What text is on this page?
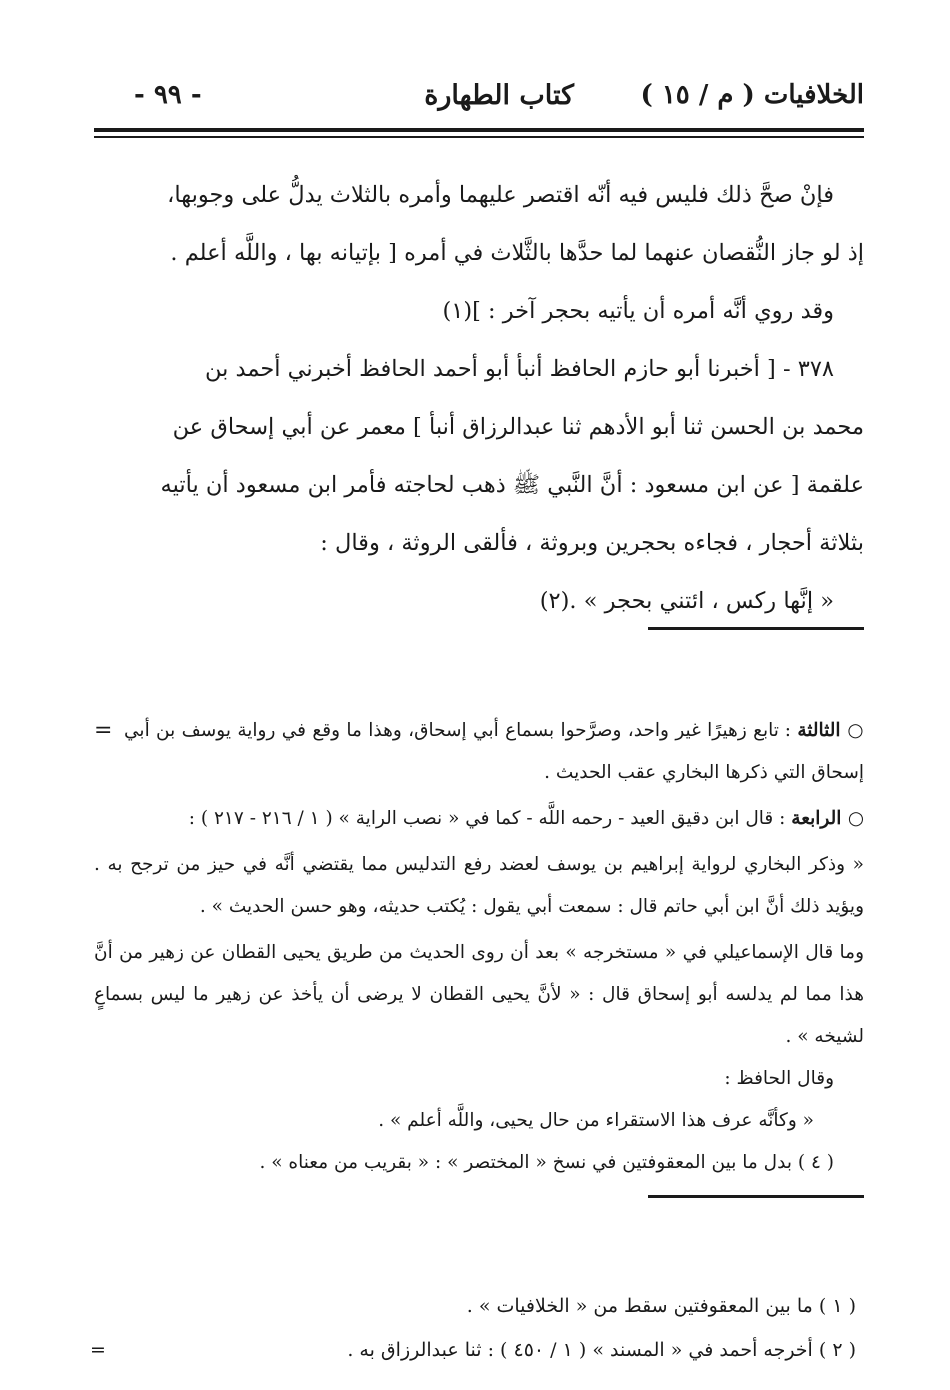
الخلافيات ( م / ١٥ )
كتاب الطهارة
- ٩٩ -

فإنْ صحَّ ذلك فليس فيه أنّه اقتصر عليهما وأمره بالثلاث يدلُّ على وجوبها،

إذ لو جاز النُّقصان عنهما لما حدَّها بالثَّلاث في أمره [ بإتيانه بها ، واللَّه أعلم .

وقد روي أنَّه أمره أن يأتيه بحجر آخر : ](١)

٣٧٨ - [ أخبرنا أبو حازم الحافظ أنبأ أبو أحمد الحافظ أخبرني أحمد بن

محمد بن الحسن ثنا أبو الأدهم ثنا عبدالرزاق أنبأ ] معمر عن أبي إسحاق عن

علقمة [ عن ابن مسعود : أنَّ النَّبي ﷺ ذهب لحاجته فأمر ابن مسعود أن يأتيه

بثلاثة أحجار ، فجاءه بحجرين وبروثة ، فألقى الروثة ، وقال :

« إنَّها ركس ، ائتني بحجر » .(٢)

=	○ الثالثة : تابع زهيرًا غير واحد، وصرَّحوا بسماع أبي إسحاق، وهذا ما وقع في رواية يوسف بن أبي إسحاق التي ذكرها البخاري عقب الحديث .

○ الرابعة : قال ابن دقيق العيد - رحمه اللَّه - كما في « نصب الراية » ( ١ / ٢١٦ - ٢١٧ ) :

« وذكر البخاري لرواية إبراهيم بن يوسف لعضد رفع التدليس مما يقتضي أنَّه في حيز من ترجح به . ويؤيد ذلك أنَّ ابن أبي حاتم قال : سمعت أبي يقول : يُكتب حديثه، وهو حسن الحديث » .

وما قال الإسماعيلي في « مستخرجه » بعد أن روى الحديث من طريق يحيى القطان عن زهير من أنَّ هذا مما لم يدلسه أبو إسحاق قال : « لأنَّ يحيى القطان لا يرضى أن يأخذ عن زهير ما ليس بسماعٍ لشيخه » .

وقال الحافظ :

« وكأنَّه عرف هذا الاستقراء من حال يحيى، واللَّه أعلم » .

( ٤ ) بدل ما بين المعقوفتين في نسخ « المختصر » : « بقريب من معناه » .

( ١ ) ما بين المعقوفتين سقط من « الخلافيات » .

( ٢ ) أخرجه أحمد في « المسند » ( ١ / ٤٥٠ ) : ثنا عبدالرزاق به .
=
